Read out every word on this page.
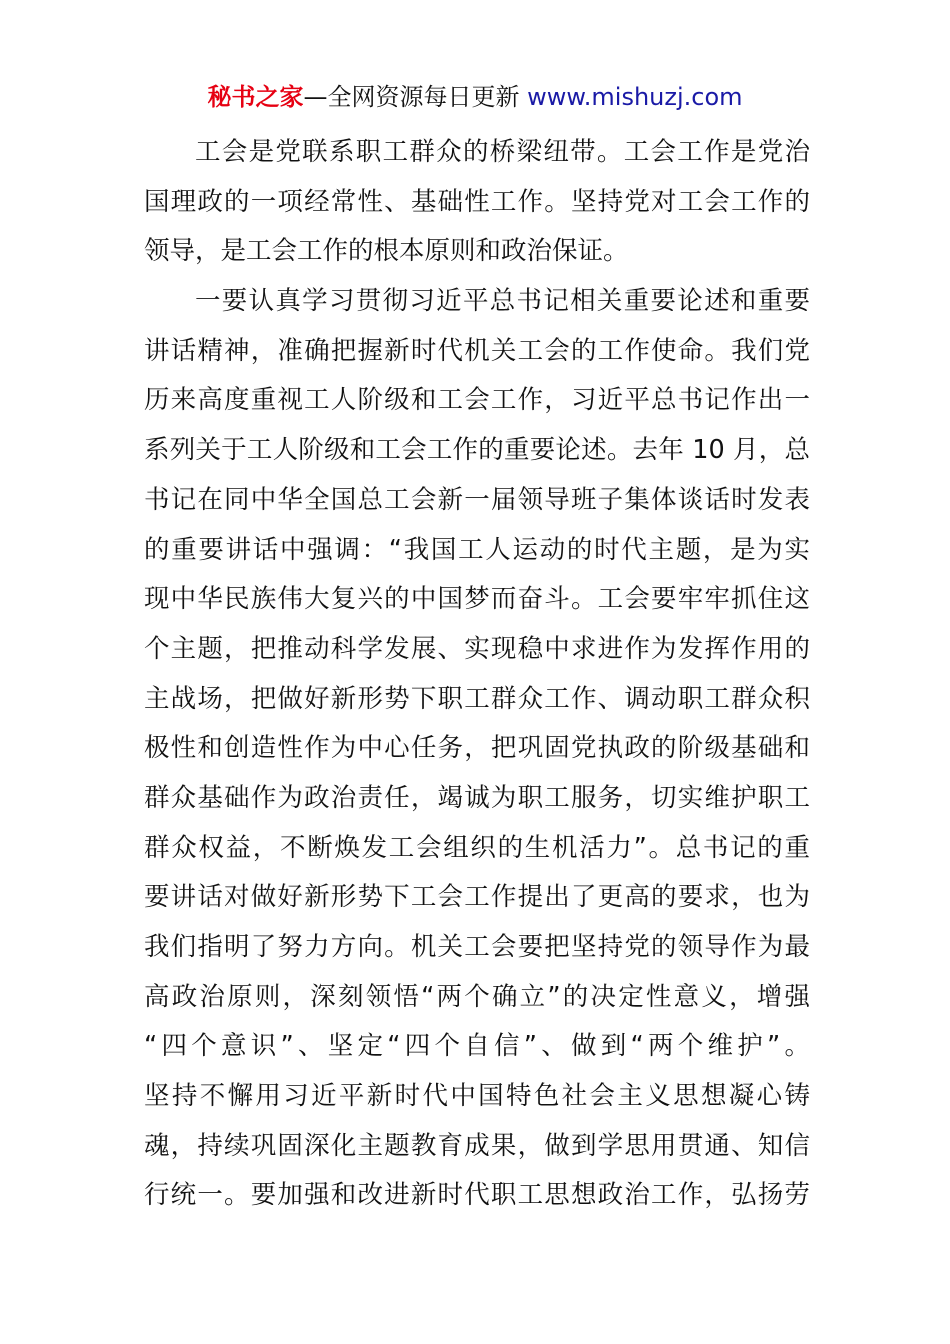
秘书之家—全网资源每日更新 www.mishuzj.com
工会是党联系职工群众的桥梁纽带。工会工作是党治
国理政的一项经常性、基础性工作。坚持党对工会工作的
领导，是工会工作的根本原则和政治保证。
一要认真学习贯彻习近平总书记相关重要论述和重要
讲话精神，准确把握新时代机关工会的工作使命。我们党
历来高度重视工人阶级和工会工作，习近平总书记作出一
系列关于工人阶级和工会工作的重要论述。去年 10 月，总
书记在同中华全国总工会新一届领导班子集体谈话时发表
的重要讲话中强调：“我国工人运动的时代主题，是为实
现中华民族伟大复兴的中国梦而奋斗。工会要牢牢抓住这
个主题，把推动科学发展、实现稳中求进作为发挥作用的
主战场，把做好新形势下职工群众工作、调动职工群众积
极性和创造性作为中心任务，把巩固党执政的阶级基础和
群众基础作为政治责任，竭诚为职工服务，切实维护职工
群众权益，不断焕发工会组织的生机活力”。总书记的重
要讲话对做好新形势下工会工作提出了更高的要求，也为
我们指明了努力方向。机关工会要把坚持党的领导作为最
高政治原则，深刻领悟“两个确立”的决定性意义，增强
“四个意识”、坚定“四个自信”、做到“两个维护”。
坚持不懈用习近平新时代中国特色社会主义思想凝心铸
魂，持续巩固深化主题教育成果，做到学思用贯通、知信
行统一。要加强和改进新时代职工思想政治工作，弘扬劳
